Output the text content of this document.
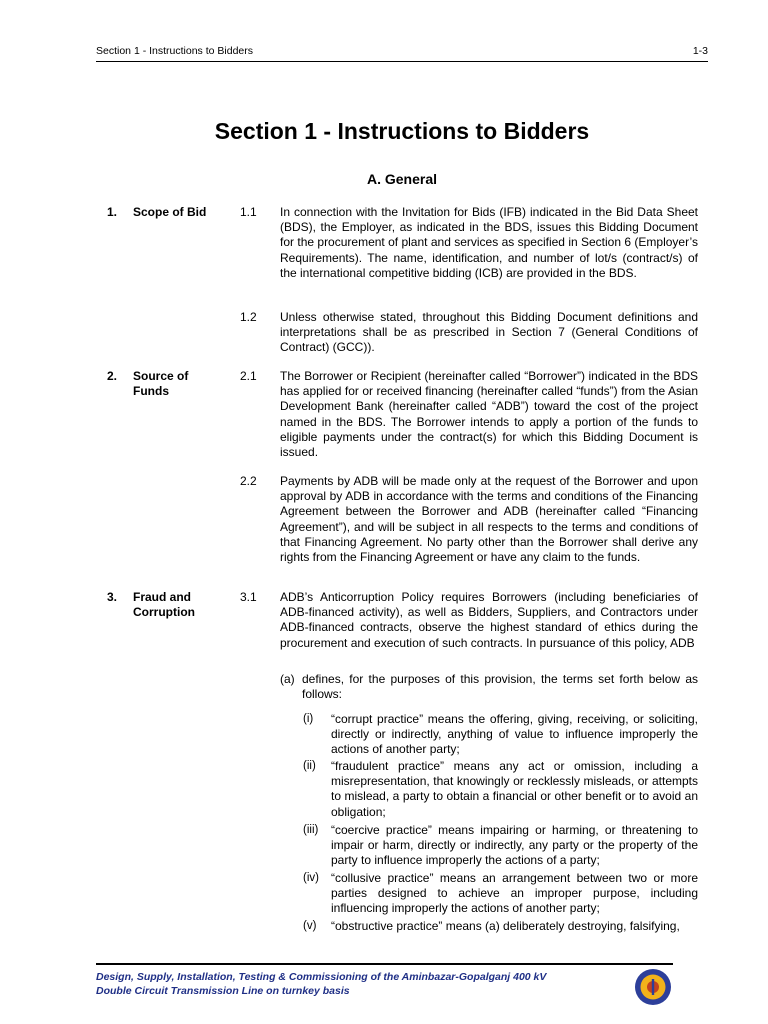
Section 1 - Instructions to Bidders	1-3
Section 1 - Instructions to Bidders
A. General
1. Scope of Bid
2. Source of Funds
3. Fraud and Corruption
1.1 In connection with the Invitation for Bids (IFB) indicated in the Bid Data Sheet (BDS), the Employer, as indicated in the BDS, issues this Bidding Document for the procurement of plant and services as specified in Section 6 (Employer’s Requirements). The name, identification, and number of lot/s (contract/s) of the international competitive bidding (ICB) are provided in the BDS.
1.2 Unless otherwise stated, throughout this Bidding Document definitions and interpretations shall be as prescribed in Section 7 (General Conditions of Contract) (GCC)).
2.1 The Borrower or Recipient (hereinafter called “Borrower”) indicated in the BDS has applied for or received financing (hereinafter called “funds”) from the Asian Development Bank (hereinafter called “ADB”) toward the cost of the project named in the BDS. The Borrower intends to apply a portion of the funds to eligible payments under the contract(s) for which this Bidding Document is issued.
2.2 Payments by ADB will be made only at the request of the Borrower and upon approval by ADB in accordance with the terms and conditions of the Financing Agreement between the Borrower and ADB (hereinafter called “Financing Agreement”), and will be subject in all respects to the terms and conditions of that Financing Agreement. No party other than the Borrower shall derive any rights from the Financing Agreement or have any claim to the funds.
3.1 ADB’s Anticorruption Policy requires Borrowers (including beneficiaries of ADB-financed activity), as well as Bidders, Suppliers, and Contractors under ADB-financed contracts, observe the highest standard of ethics during the procurement and execution of such contracts. In pursuance of this policy, ADB
(a) defines, for the purposes of this provision, the terms set forth below as follows:
(i) “corrupt practice” means the offering, giving, receiving, or soliciting, directly or indirectly, anything of value to influence improperly the actions of another party;
(ii) “fraudulent practice” means any act or omission, including a misrepresentation, that knowingly or recklessly misleads, or attempts to mislead, a party to obtain a financial or other benefit or to avoid an obligation;
(iii) “coercive practice” means impairing or harming, or threatening to impair or harm, directly or indirectly, any party or the property of the party to influence improperly the actions of a party;
(iv) “collusive practice” means an arrangement between two or more parties designed to achieve an improper purpose, including influencing improperly the actions of another party;
(v) “obstructive practice” means (a) deliberately destroying, falsifying,
Design, Supply, Installation, Testing & Commissioning of the Aminbazar-Gopalganj 400 kV
Double Circuit Transmission Line on turnkey basis
